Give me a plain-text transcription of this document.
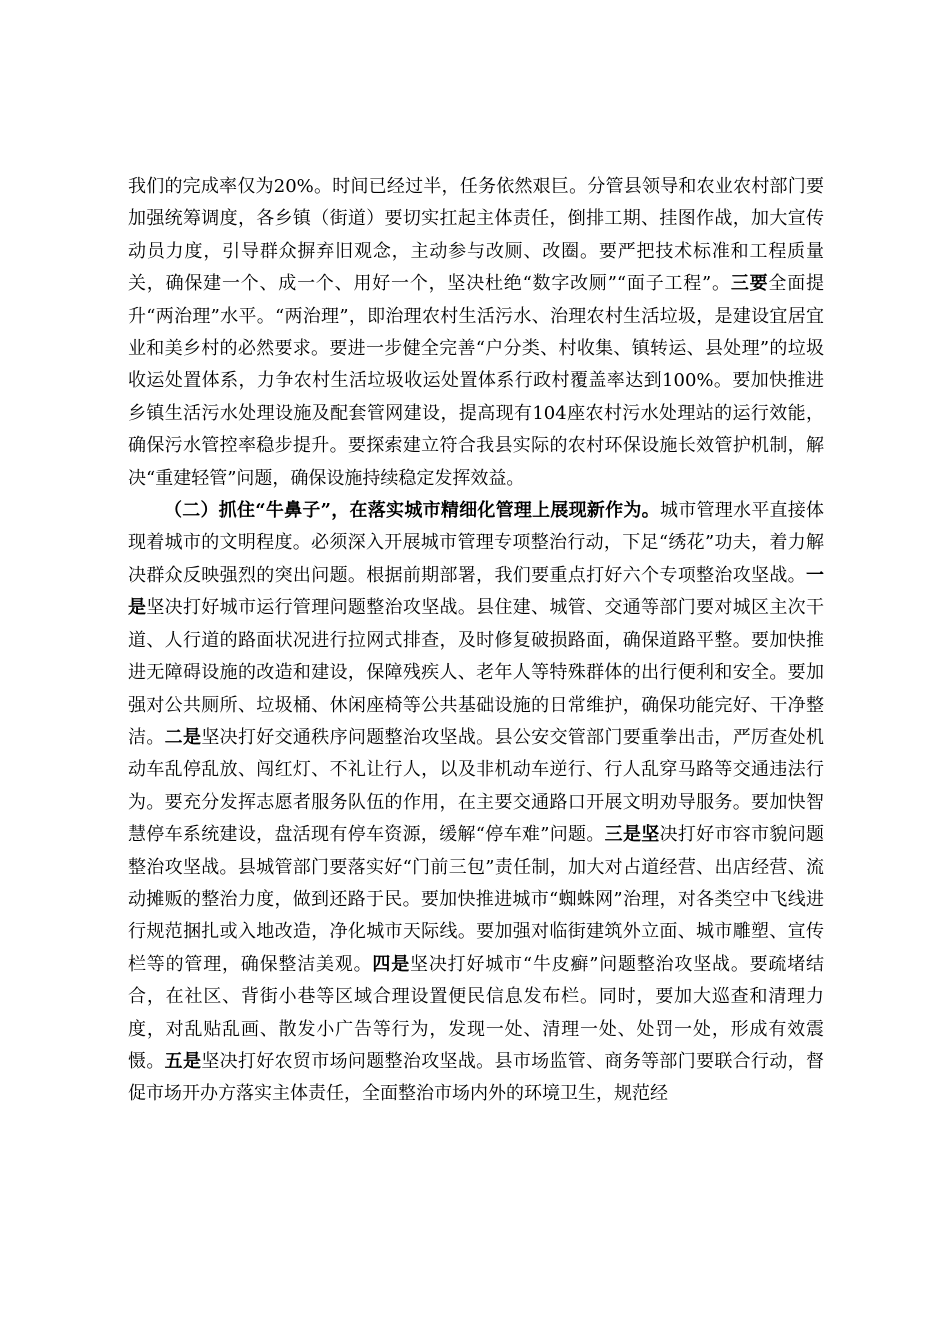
我们的完成率仅为20%。时间已经过半，任务依然艰巨。分管县领导和农业农村部门要加强统筹调度，各乡镇（街道）要切实扛起主体责任，倒排工期、挂图作战，加大宣传动员力度，引导群众摒弃旧观念，主动参与改厕、改圈。要严把技术标准和工程质量关，确保建一个、成一个、用好一个，坚决杜绝“数字改厕”“面子工程”。三要全面提升“两治理”水平。“两治理”，即治理农村生活污水、治理农村生活垃圾，是建设宜居宜业和美乡村的必然要求。要进一步健全完善“户分类、村收集、镇转运、县处理”的垃圾收运处置体系，力争农村生活垃圾收运处置体系行政村覆盖率达到100%。要加快推进乡镇生活污水处理设施及配套管网建设，提高现有104座农村污水处理站的运行效能，确保污水管控率稳步提升。要探索建立符合我县实际的农村环保设施长效管护机制，解决“重建轻管”问题，确保设施持续稳定发挥效益。

（二）抓住“牛鼻子”，在落实城市精细化管理上展现新作为。城市管理水平直接体现着城市的文明程度。必须深入开展城市管理专项整治行动，下足“绣花”功夫，着力解决群众反映强烈的突出问题。根据前期部署，我们要重点打好六个专项整治攻坚战。一是坚决打好城市运行管理问题整治攻坚战。县住建、城管、交通等部门要对城区主次干道、人行道的路面状况进行拉网式排查，及时修复破损路面，确保道路平整。要加快推进无障碍设施的改造和建设，保障残疾人、老年人等特殊群体的出行便利和安全。要加强对公共厕所、垃圾桶、休闲座椅等公共基础设施的日常维护，确保功能完好、干净整洁。二是坚决打好交通秩序问题整治攻坚战。县公安交管部门要重拳出击，严厉查处机动车乱停乱放、闯红灯、不礼让行人，以及非机动车逆行、行人乱穿马路等交通违法行为。要充分发挥志愿者服务队伍的作用，在主要交通路口开展文明劝导服务。要加快智慧停车系统建设，盘活现有停车资源，缓解“停车难”问题。三是坚决打好市容市貌问题整治攻坚战。县城管部门要落实好“门前三包”责任制，加大对占道经营、出店经营、流动摊贩的整治力度，做到还路于民。要加快推进城市“蜘蛛网”治理，对各类空中飞线进行规范捆扎或入地改造，净化城市天际线。要加强对临街建筑外立面、城市雕塑、宣传栏等的管理，确保整洁美观。四是坚决打好城市“牛皮癣”问题整治攻坚战。要疏堵结合，在社区、背街小巷等区域合理设置便民信息发布栏。同时，要加大巡查和清理力度，对乱贴乱画、散发小广告等行为，发现一处、清理一处、处罚一处，形成有效震慑。五是坚决打好农贸市场问题整治攻坚战。县市场监管、商务等部门要联合行动，督促市场开办方落实主体责任，全面整治市场内外的环境卫生，规范经
